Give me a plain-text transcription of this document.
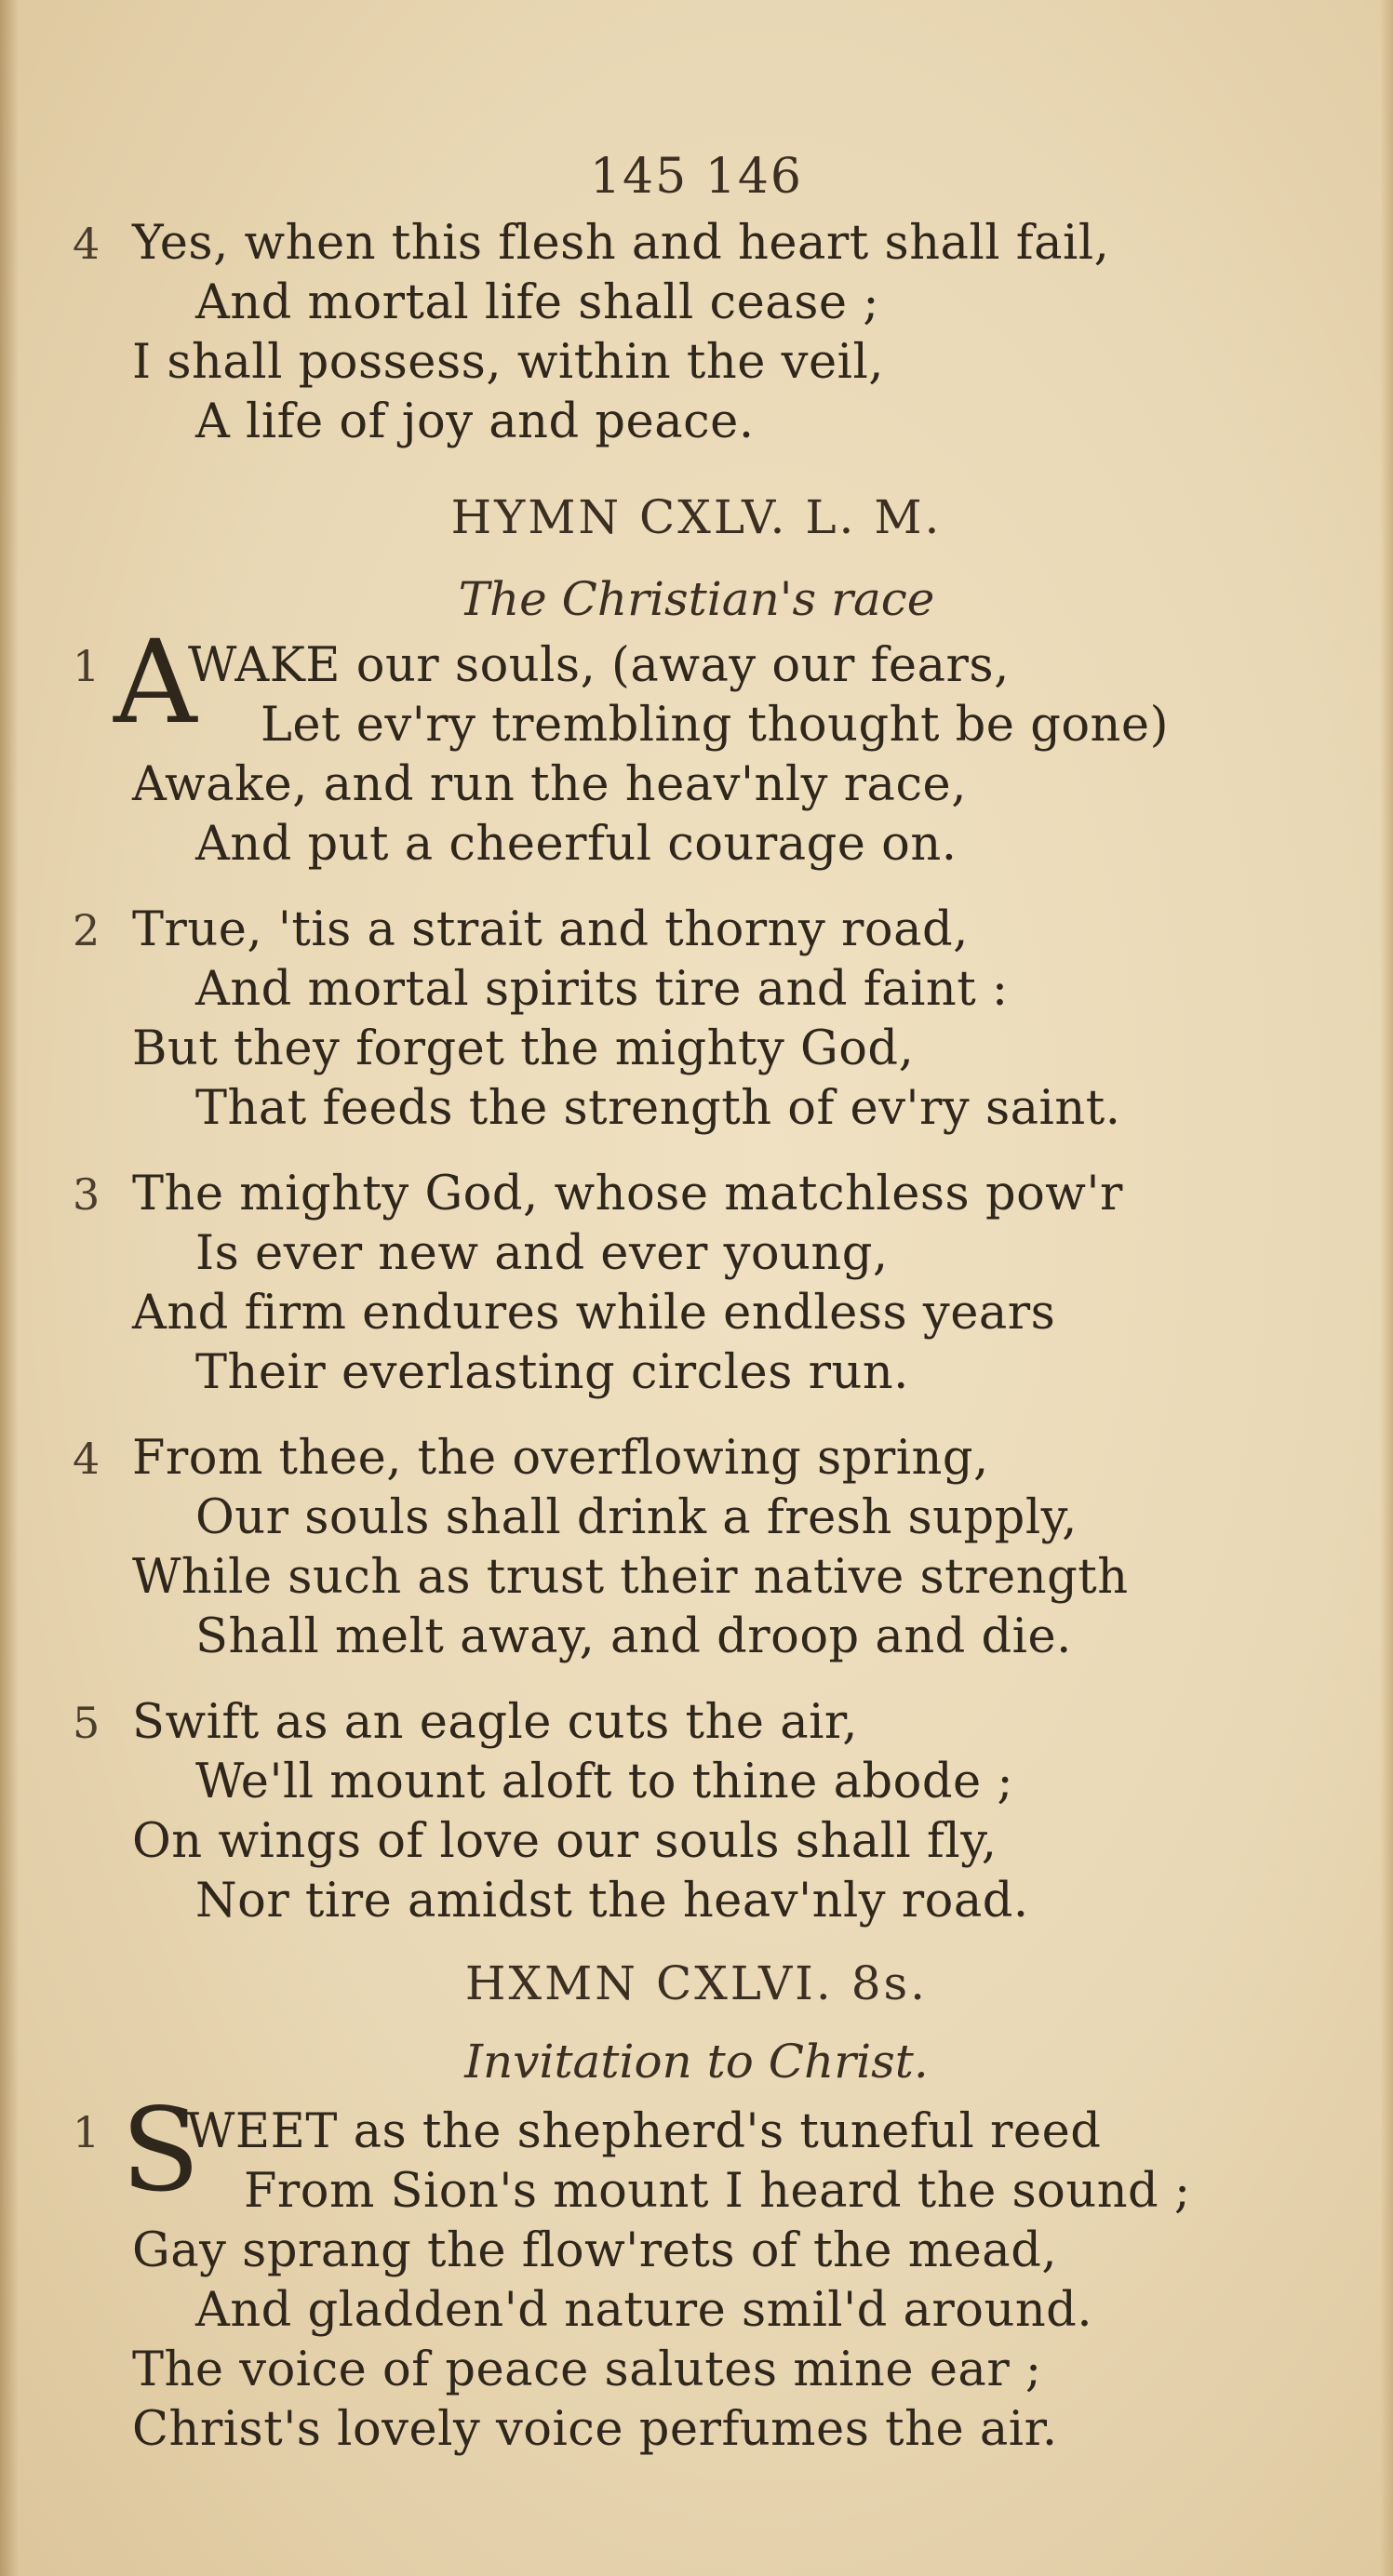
145 146
4 Yes, when this flesh and heart shall fail,
And mortal life shall cease ;
I shall possess, within the veil,
A life of joy and peace.
HYMN CXLV. L. M.
The Christian's race
1 A
WAKE our souls, (away our fears,
Let ev'ry trembling thought be gone)
Awake, and run the heav'nly race,
And put a cheerful courage on.
2 True, 'tis a strait and thorny road,
And mortal spirits tire and faint :
But they forget the mighty God,
That feeds the strength of ev'ry saint.
3 The mighty God, whose matchless pow'r
Is ever new and ever young,
And firm endures while endless years
Their everlasting circles run.
4 From thee, the overflowing spring,
Our souls shall drink a fresh supply,
While such as trust their native strength
Shall melt away, and droop and die.
5 Swift as an eagle cuts the air,
We'll mount aloft to thine abode ;
On wings of love our souls shall fly,
Nor tire amidst the heav'nly road.
HXMN CXLVI. 8s.
Invitation to Christ.
1 S
WEET as the shepherd's tuneful reed
From Sion's mount I heard the sound ;
Gay sprang the flow'rets of the mead,
And gladden'd nature smil'd around.
The voice of peace salutes mine ear ;
Christ's lovely voice perfumes the air.
